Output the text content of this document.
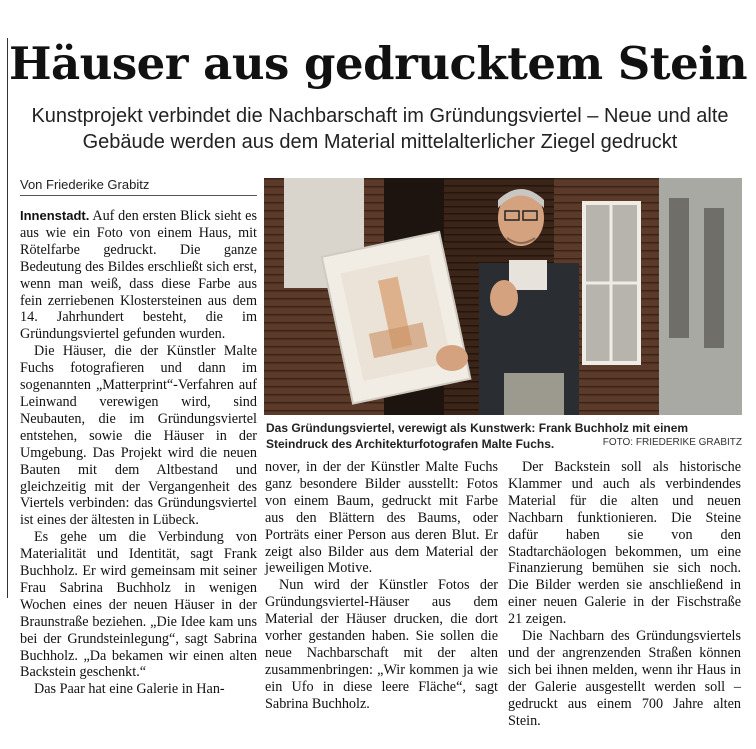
Häuser aus gedrucktem Stein
Kunstprojekt verbindet die Nachbarschaft im Gründungsviertel – Neue und alte Gebäude werden aus dem Material mittelalterlicher Ziegel gedruckt
Von Friederike Grabitz

Innenstadt. Auf den ersten Blick sieht es aus wie ein Foto von einem Haus, mit Rötelfarbe gedruckt. Die ganze Bedeutung des Bildes erschließt sich erst, wenn man weiß, dass diese Farbe aus fein zerriebenen Klostersteinen aus dem 14. Jahrhundert besteht, die im Gründungsviertel gefunden wurden.

Die Häuser, die der Künstler Malte Fuchs fotografieren und dann im sogenannten „Matterprint“-Verfahren auf Leinwand verewigen wird, sind Neubauten, die im Gründungsviertel entstehen, sowie die Häuser in der Umgebung. Das Projekt wird die neuen Bauten mit dem Altbestand und gleichzeitig mit der Vergangenheit des Viertels verbinden: das Gründungsviertel ist eines der ältesten in Lübeck.

Es gehe um die Verbindung von Materialität und Identität, sagt Frank Buchholz. Er wird gemeinsam mit seiner Frau Sabrina Buchholz in wenigen Wochen eines der neuen Häuser in der Braunstraße beziehen. „Die Idee kam uns bei der Grundsteinlegung“, sagt Sabrina Buchholz. „Da bekamen wir einen alten Backstein geschenkt.“

Das Paar hat eine Galerie in Han-

Das Gründungsviertel, verewigt als Kunstwerk: Frank Buchholz mit einem Steindruck des Architekturfotografen Malte Fuchs.	FOTO: FRIEDERIKE GRABITZ

nover, in der der Künstler Malte Fuchs ganz besondere Bilder ausstellt: Fotos von einem Baum, gedruckt mit Farbe aus den Blättern des Baums, oder Porträts einer Person aus deren Blut. Er zeigt also Bilder aus dem Material der jeweiligen Motive.

Nun wird der Künstler Fotos der Gründungsviertel-Häuser aus dem Material der Häuser drucken, die dort vorher gestanden haben. Sie sollen die neue Nachbarschaft mit der alten zusammenbringen: „Wir kommen ja wie ein Ufo in diese leere Fläche“, sagt Sabrina Buchholz.

Der Backstein soll als historische Klammer und auch als verbindendes Material für die alten und neuen Nachbarn funktionieren. Die Steine dafür haben sie von den Stadtarchäologen bekommen, um eine Finanzierung bemühen sie sich noch. Die Bilder werden sie anschließend in einer neuen Galerie in der Fischstraße 21 zeigen.

Die Nachbarn des Gründungsviertels und der angrenzenden Straßen können sich bei ihnen melden, wenn ihr Haus in der Galerie ausgestellt werden soll – gedruckt aus einem 700 Jahre alten Stein.
